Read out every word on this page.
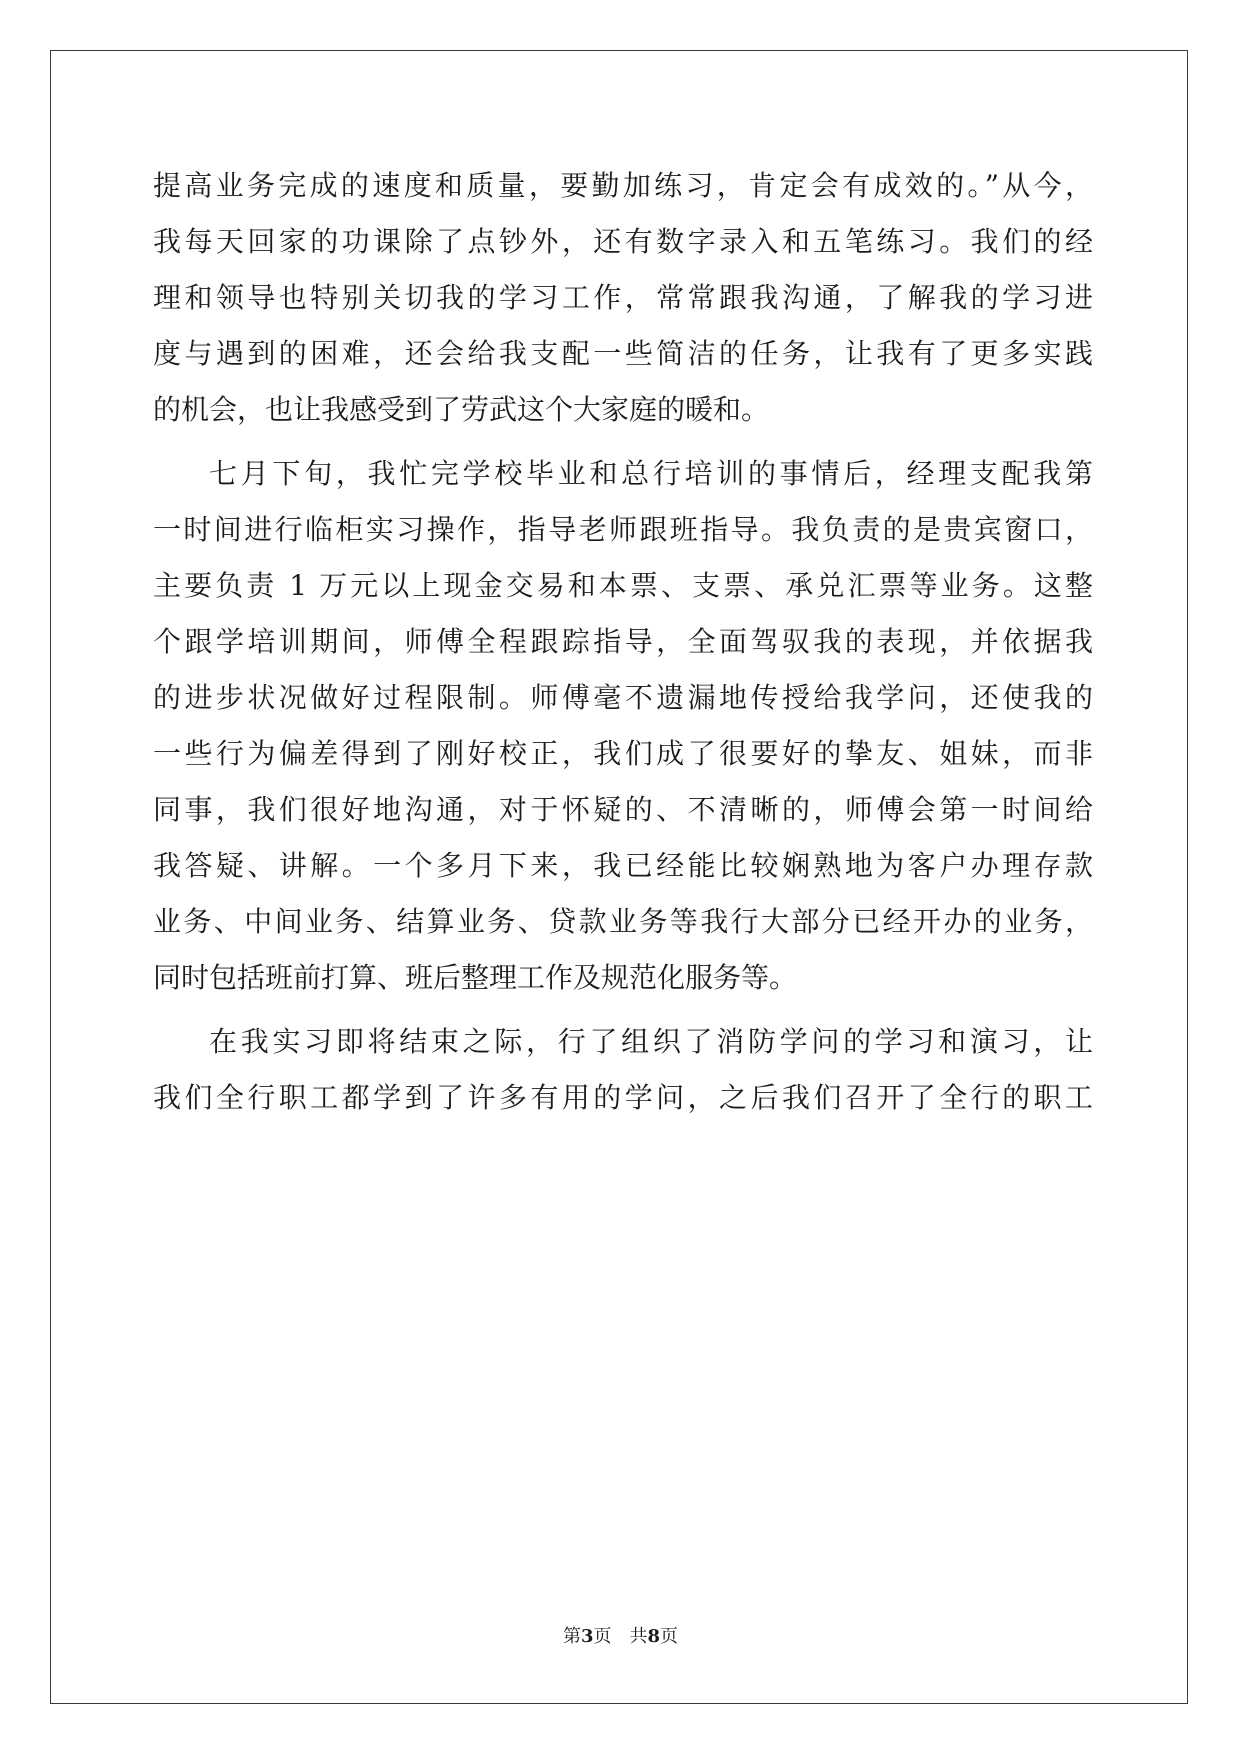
提高业务完成的速度和质量，要勤加练习，肯定会有成效的。”从今，

我每天回家的功课除了点钞外，还有数字录入和五笔练习。我们的经

理和领导也特别关切我的学习工作，常常跟我沟通，了解我的学习进

度与遇到的困难，还会给我支配一些简洁的任务，让我有了更多实践

的机会，也让我感受到了劳武这个大家庭的暖和。

七月下旬，我忙完学校毕业和总行培训的事情后，经理支配我第

一时间进行临柜实习操作，指导老师跟班指导。我负责的是贵宾窗口，

主要负责 1 万元以上现金交易和本票、支票、承兑汇票等业务。这整

个跟学培训期间，师傅全程跟踪指导，全面驾驭我的表现，并依据我

的进步状况做好过程限制。师傅毫不遗漏地传授给我学问，还使我的

一些行为偏差得到了刚好校正，我们成了很要好的挚友、姐妹，而非

同事，我们很好地沟通，对于怀疑的、不清晰的，师傅会第一时间给

我答疑、讲解。一个多月下来，我已经能比较娴熟地为客户办理存款

业务、中间业务、结算业务、贷款业务等我行大部分已经开办的业务，

同时包括班前打算、班后整理工作及规范化服务等。

在我实习即将结束之际，行了组织了消防学问的学习和演习，让

我们全行职工都学到了许多有用的学问，之后我们召开了全行的职工

第3页 共8页
